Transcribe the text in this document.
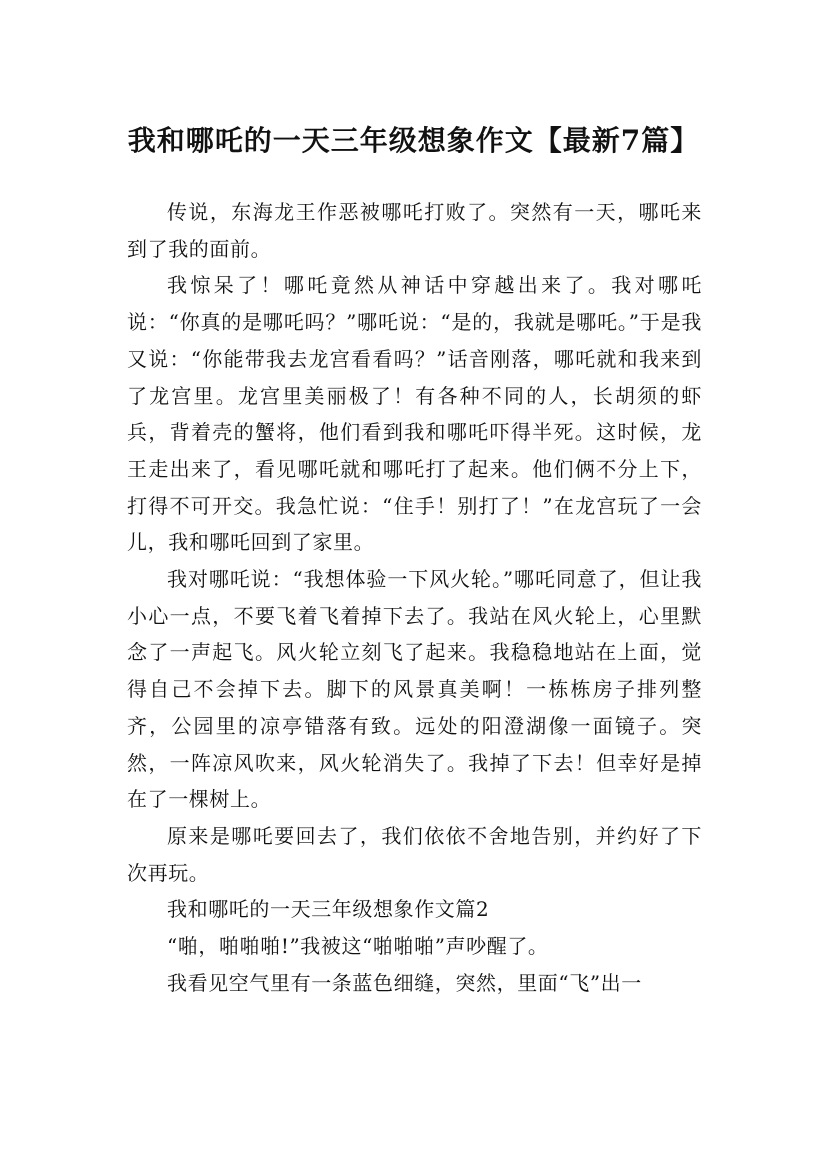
我和哪吒的一天三年级想象作文【最新7篇】

传说，东海龙王作恶被哪吒打败了。突然有一天，哪吒来到了我的面前。

我惊呆了！哪吒竟然从神话中穿越出来了。我对哪吒说：“你真的是哪吒吗？”哪吒说：“是的，我就是哪吒。”于是我又说：“你能带我去龙宫看看吗？”话音刚落，哪吒就和我来到了龙宫里。龙宫里美丽极了！有各种不同的人，长胡须的虾兵，背着壳的蟹将，他们看到我和哪吒吓得半死。这时候，龙王走出来了，看见哪吒就和哪吒打了起来。他们俩不分上下，打得不可开交。我急忙说：“住手！别打了！”在龙宫玩了一会儿，我和哪吒回到了家里。

我对哪吒说：“我想体验一下风火轮。”哪吒同意了，但让我小心一点，不要飞着飞着掉下去了。我站在风火轮上，心里默念了一声起飞。风火轮立刻飞了起来。我稳稳地站在上面，觉得自己不会掉下去。脚下的风景真美啊！一栋栋房子排列整齐，公园里的凉亭错落有致。远处的阳澄湖像一面镜子。突然，一阵凉风吹来，风火轮消失了。我掉了下去！但幸好是掉在了一棵树上。

原来是哪吒要回去了，我们依依不舍地告别，并约好了下次再玩。

我和哪吒的一天三年级想象作文篇2

“啪，啪啪啪!”我被这“啪啪啪”声吵醒了。

我看见空气里有一条蓝色细缝，突然，里面“飞”出一
